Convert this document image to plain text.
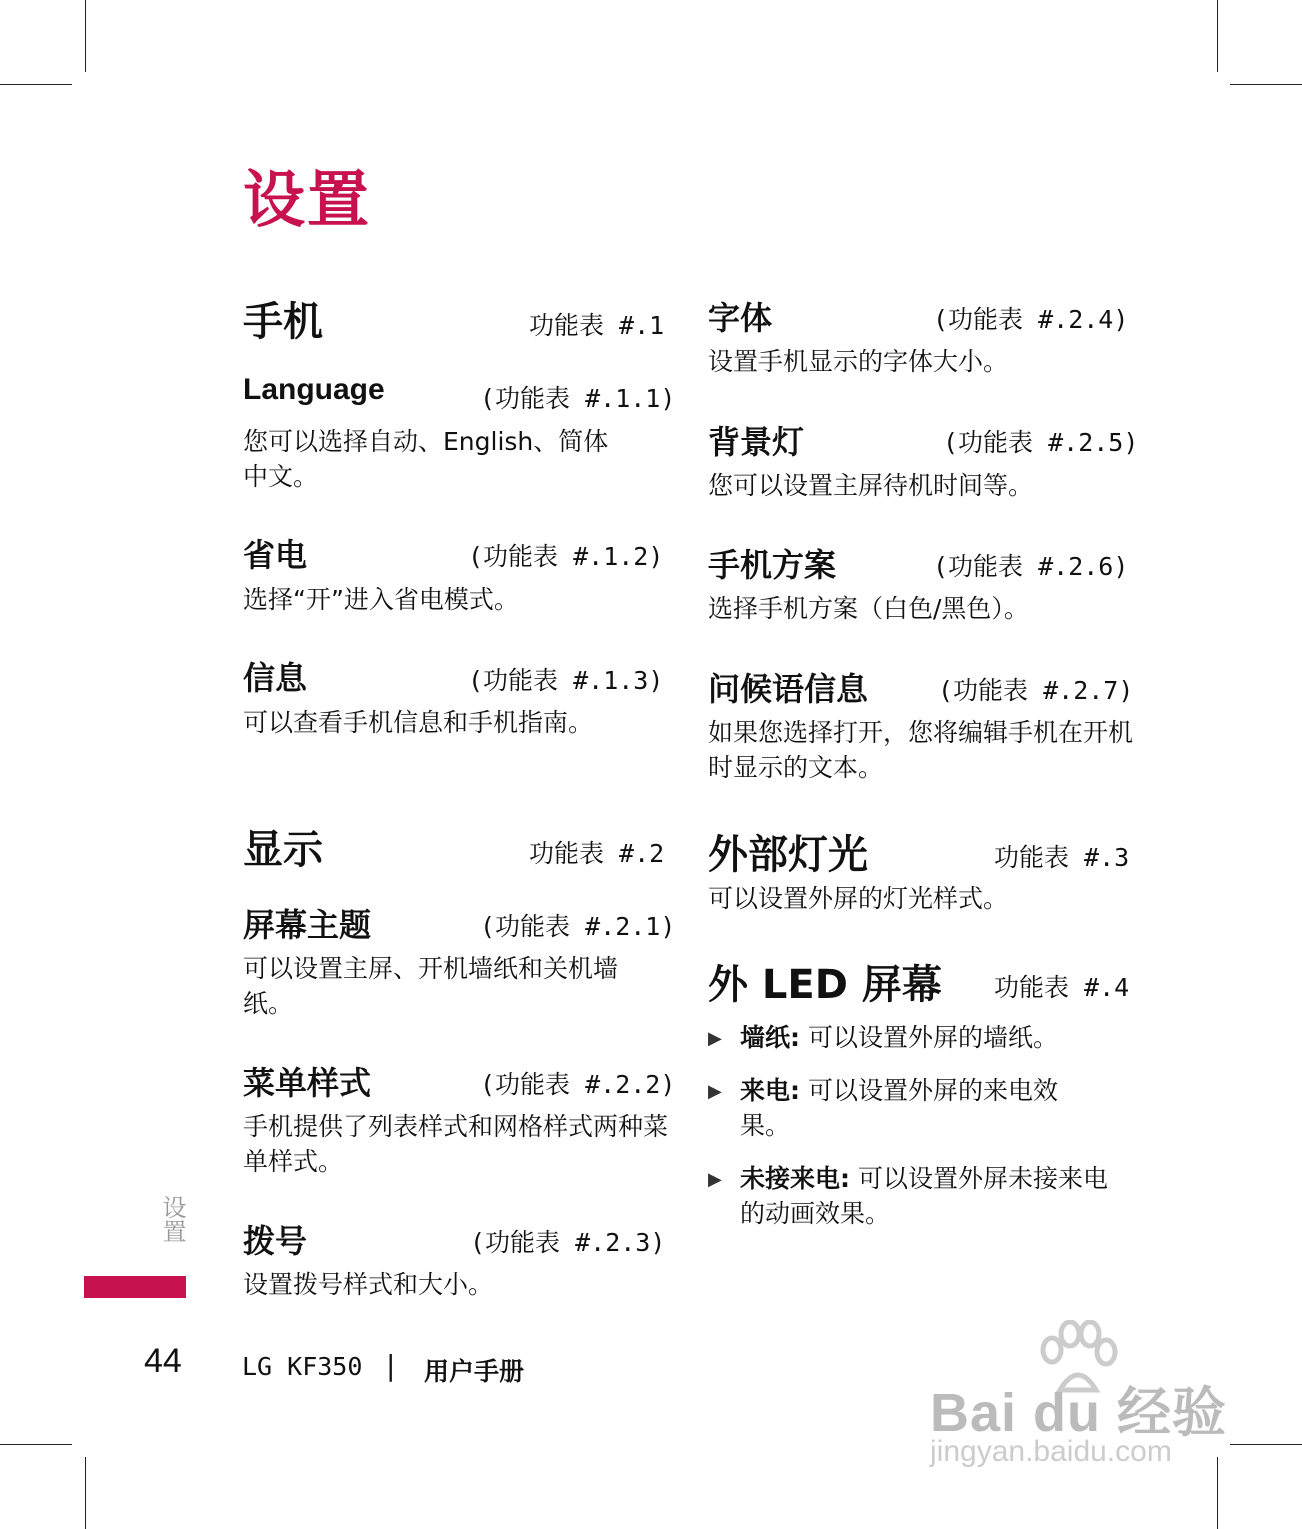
设置
手机	功能表 #.1
Language	(功能表 #.1.1)
您可以选择自动、English、简体中文。
省电	(功能表 #.1.2)
选择“开”进入省电模式。
信息	(功能表 #.1.3)
可以查看手机信息和手机指南。
显示	功能表 #.2
屏幕主题	(功能表 #.2.1)
可以设置主屏、开机墙纸和关机墙纸。
菜单样式	(功能表 #.2.2)
手机提供了列表样式和网格样式两种菜单样式。
拨号	(功能表 #.2.3)
设置拨号样式和大小。
字体	(功能表 #.2.4)
设置手机显示的字体大小。
背景灯	(功能表 #.2.5)
您可以设置主屏待机时间等。
手机方案	(功能表 #.2.6)
选择手机方案（白色/黑色）。
问候语信息	(功能表 #.2.7)
如果您选择打开，您将编辑手机在开机时显示的文本。
外部灯光	功能表 #.3
可以设置外屏的灯光样式。
外 LED 屏幕 功能表 #.4
▶ 墙纸: 可以设置外屏的墙纸。
▶ 来电: 可以设置外屏的来电效果。
▶ 未接来电: 可以设置外屏未接来电的动画效果。
设置
44 LG KF350 | 用户手册
Bai du 经验
jingyan.baidu.com
